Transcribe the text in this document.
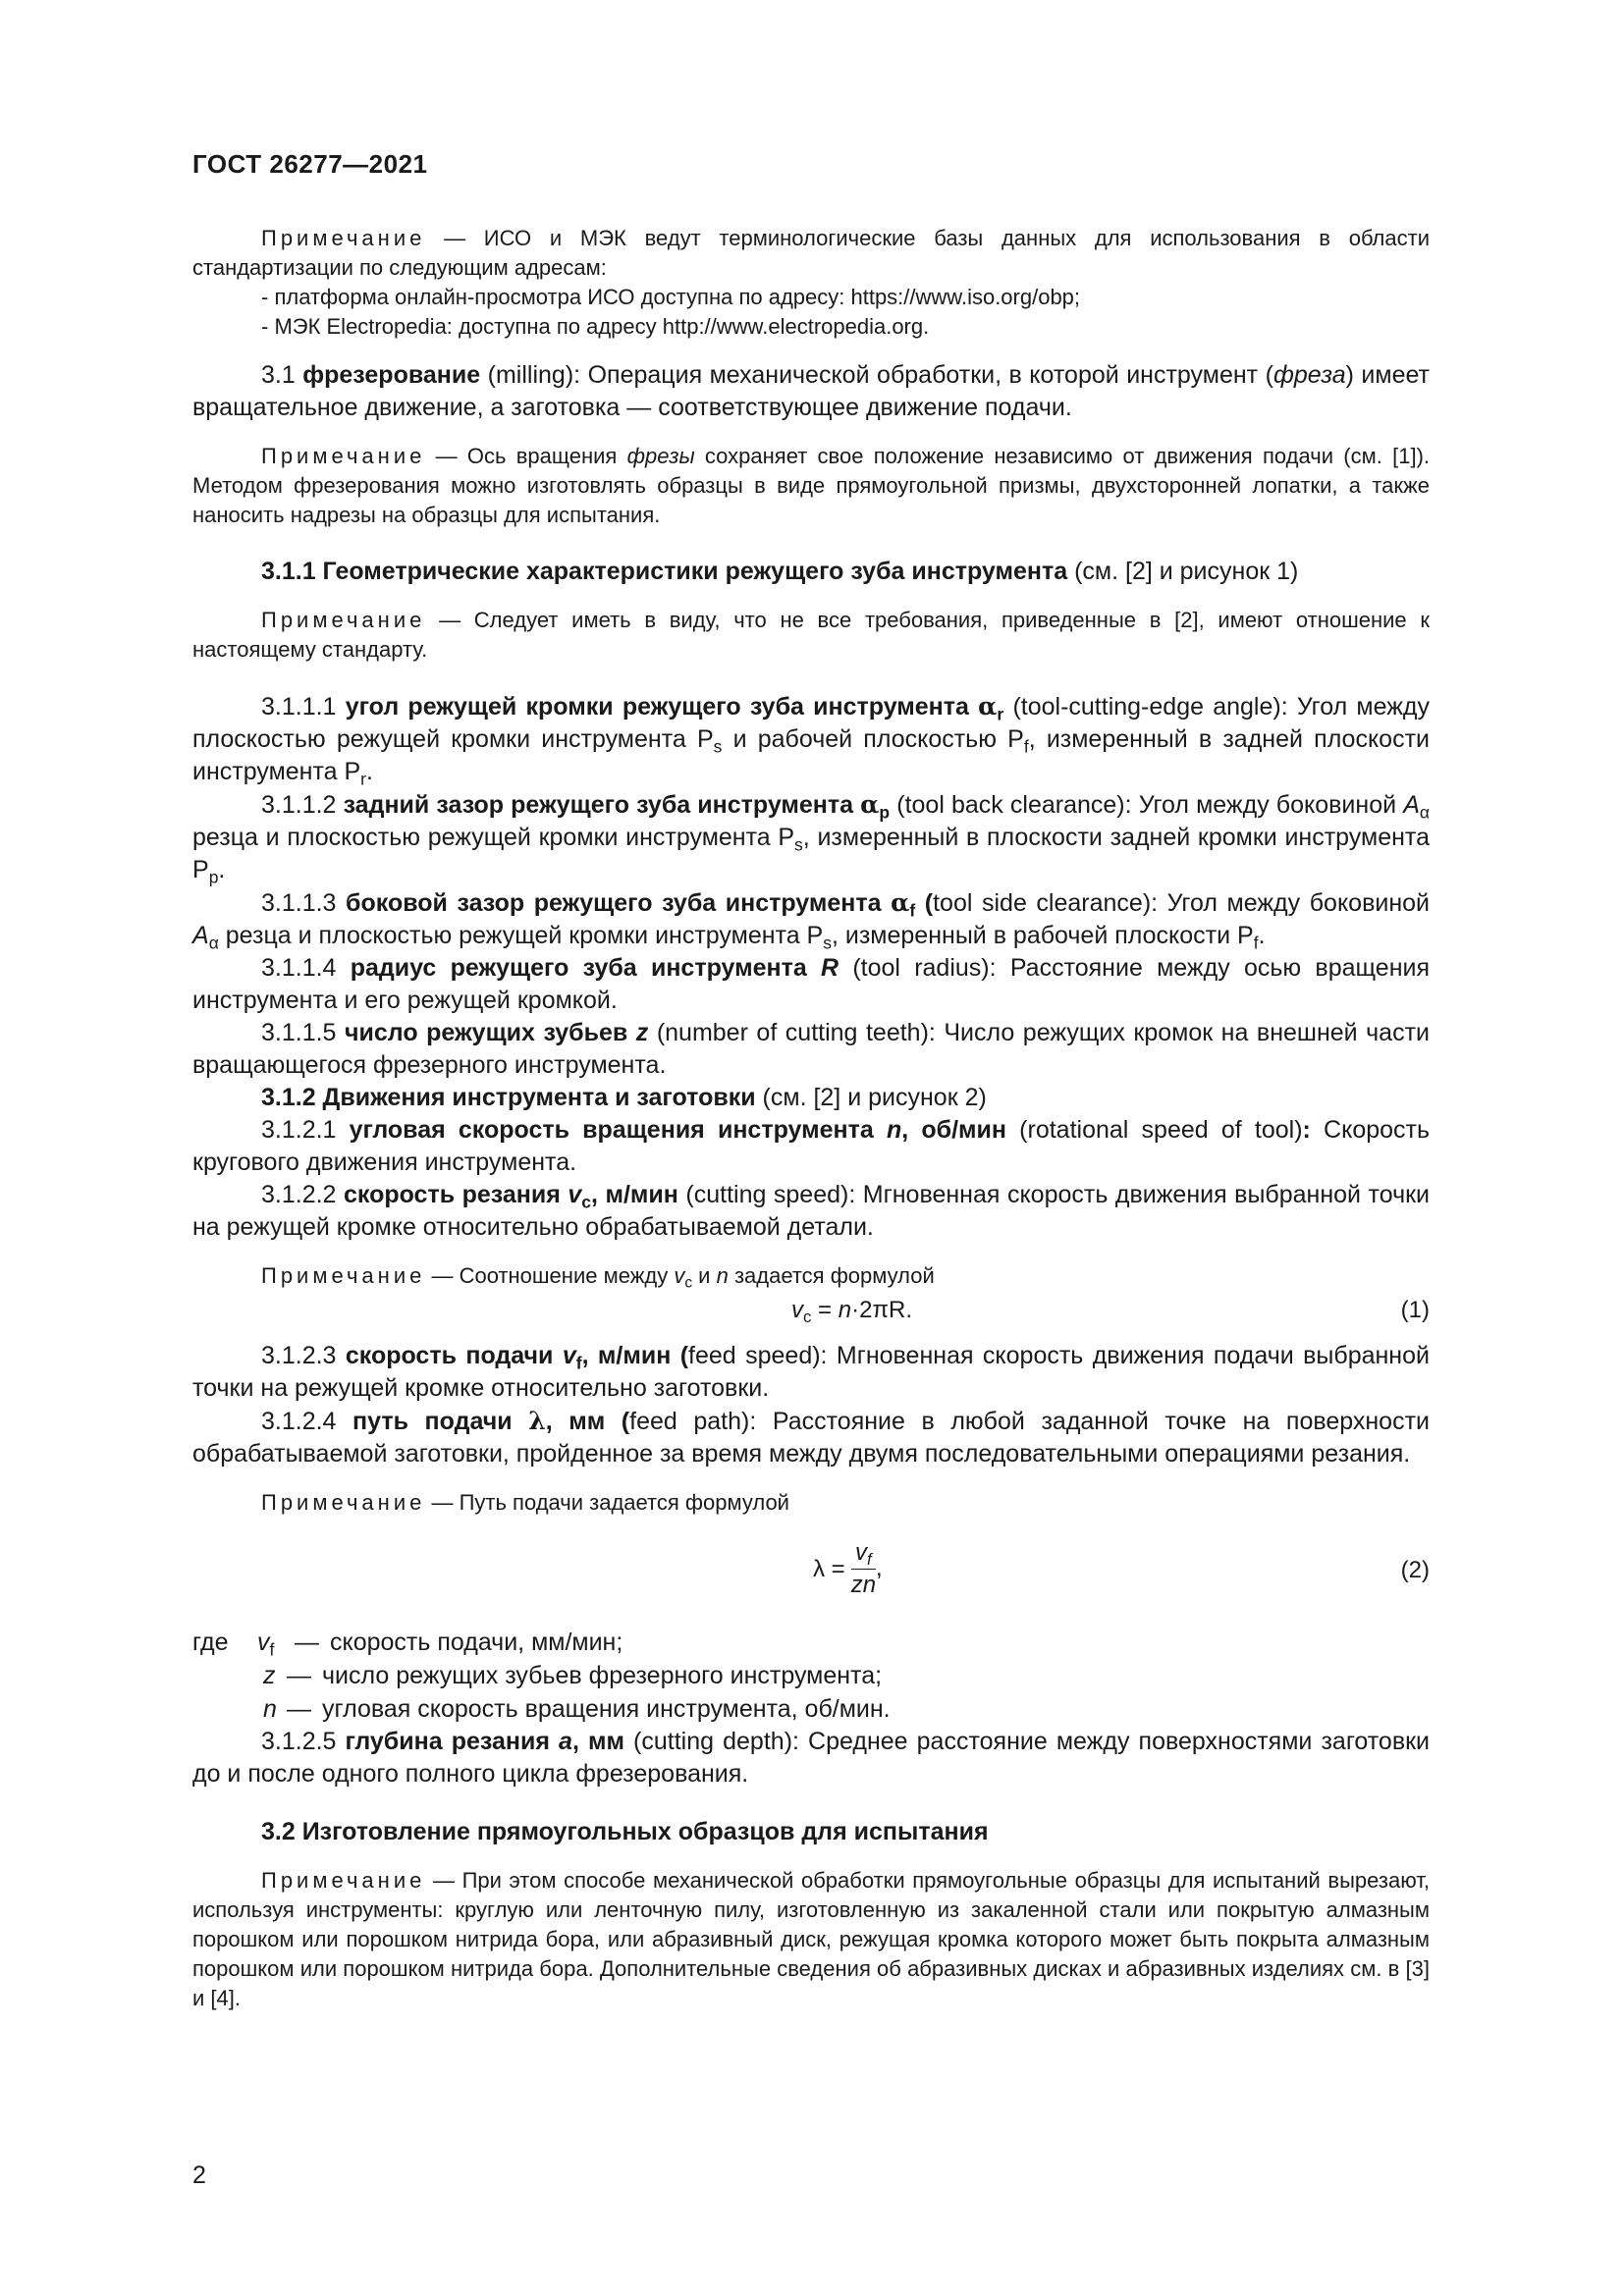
ГОСТ 26277—2021

Примечание — ИСО и МЭК ведут терминологические базы данных для использования в области стандартизации по следующим адресам:

- платформа онлайн-просмотра ИСО доступна по адресу: https://www.iso.org/obp;

- МЭК Electropedia: доступна по адресу http://www.electropedia.org.

3.1 фрезерование (milling): Операция механической обработки, в которой инструмент (фреза) имеет вращательное движение, а заготовка — соответствующее движение подачи.

Примечание — Ось вращения фрезы сохраняет свое положение независимо от движения подачи (см. [1]). Методом фрезерования можно изготовлять образцы в виде прямоугольной призмы, двухсторонней лопатки, а также наносить надрезы на образцы для испытания.

3.1.1 Геометрические характеристики режущего зуба инструмента (см. [2] и рисунок 1)

Примечание — Следует иметь в виду, что не все требования, приведенные в [2], имеют отношение к настоящему стандарту.

3.1.1.1 угол режущей кромки режущего зуба инструмента $\alpha_r$ (tool-cutting-edge angle): Угол между плоскостью режущей кромки инструмента $P_s$ и рабочей плоскостью $P_f$, измеренный в задней плоскости инструмента $P_r$.

3.1.1.2 задний зазор режущего зуба инструмента $\alpha_p$ (tool back clearance): Угол между боковиной $A_\alpha$ резца и плоскостью режущей кромки инструмента $P_s$, измеренный в плоскости задней кромки инструмента $P_p$.

3.1.1.3 боковой зазор режущего зуба инструмента $\alpha_f$ (tool side clearance): Угол между боковиной $A_\alpha$ резца и плоскостью режущей кромки инструмента $P_s$, измеренный в рабочей плоскости $P_f$.

3.1.1.4 радиус режущего зуба инструмента R (tool radius): Расстояние между осью вращения инструмента и его режущей кромкой.

3.1.1.5 число режущих зубьев z (number of cutting teeth): Число режущих кромок на внешней части вращающегося фрезерного инструмента.

3.1.2 Движения инструмента и заготовки (см. [2] и рисунок 2)

3.1.2.1 угловая скорость вращения инструмента n, об/мин (rotational speed of tool): Скорость кругового движения инструмента.

3.1.2.2 скорость резания $v_c$, м/мин (cutting speed): Мгновенная скорость движения выбранной точки на режущей кромке относительно обрабатываемой детали.

Примечание — Соотношение между $v_c$ и n задается формулой

$v_c = n\cdot 2\pi R$.	(1)

3.1.2.3 скорость подачи $v_f$, м/мин (feed speed): Мгновенная скорость движения подачи выбранной точки на режущей кромке относительно заготовки.

3.1.2.4 путь подачи λ, мм (feed path): Расстояние в любой заданной точке на поверхности обрабатываемой заготовки, пройденное за время между двумя последовательными операциями резания.

Примечание — Путь подачи задается формулой

$\lambda = \frac{v_f}{zn}$ ,	(2)
где $v_f$ — скорость подачи, мм/мин;
z — число режущих зубьев фрезерного инструмента;
n — угловая скорость вращения инструмента, об/мин.

3.1.2.5 глубина резания a, мм (cutting depth): Среднее расстояние между поверхностями заготовки до и после одного полного цикла фрезерования.

3.2 Изготовление прямоугольных образцов для испытания

Примечание — При этом способе механической обработки прямоугольные образцы для испытаний вырезают, используя инструменты: круглую или ленточную пилу, изготовленную из закаленной стали или покрытую алмазным порошком или порошком нитрида бора, или абразивный диск, режущая кромка которого может быть покрыта алмазным порошком или порошком нитрида бора. Дополнительные сведения об абразивных дисках и абразивных изделиях см. в [3] и [4].

2
